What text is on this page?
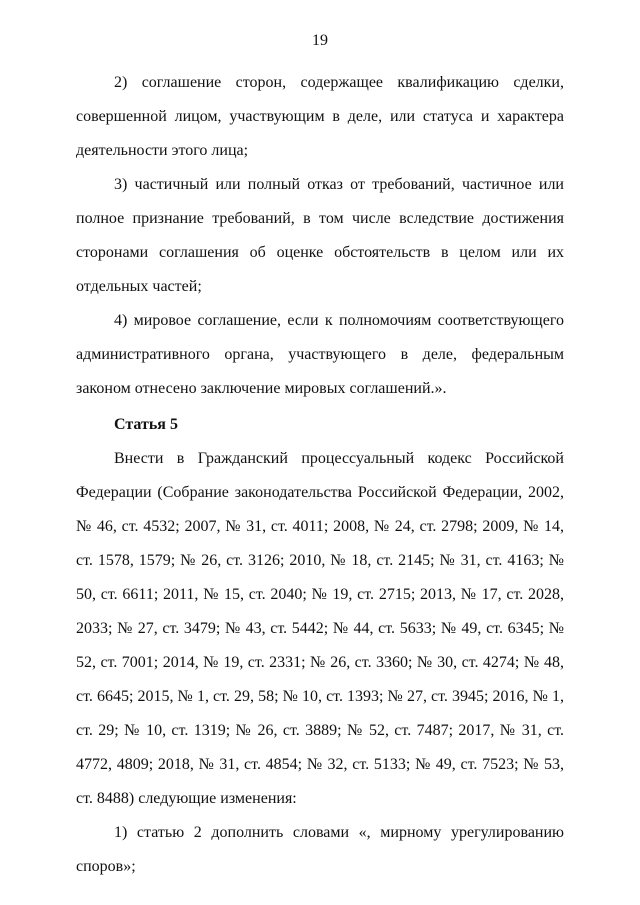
19

2) соглашение сторон, содержащее квалификацию сделки, совершенной лицом, участвующим в деле, или статуса и характера деятельности этого лица;

3) частичный или полный отказ от требований, частичное или полное признание требований, в том числе вследствие достижения сторонами соглашения об оценке обстоятельств в целом или их отдельных частей;

4) мировое соглашение, если к полномочиям соответствующего административного органа, участвующего в деле, федеральным законом отнесено заключение мировых соглашений.».

Статья 5

Внести в Гражданский процессуальный кодекс Российской Федерации (Собрание законодательства Российской Федерации, 2002, № 46, ст. 4532; 2007, № 31, ст. 4011; 2008, № 24, ст. 2798; 2009, № 14, ст. 1578, 1579; № 26, ст. 3126; 2010, № 18, ст. 2145; № 31, ст. 4163; № 50, ст. 6611; 2011, № 15, ст. 2040; № 19, ст. 2715; 2013, № 17, ст. 2028, 2033; № 27, ст. 3479; № 43, ст. 5442; № 44, ст. 5633; № 49, ст. 6345; № 52, ст. 7001; 2014, № 19, ст. 2331; № 26, ст. 3360; № 30, ст. 4274; № 48, ст. 6645; 2015, № 1, ст. 29, 58; № 10, ст. 1393; № 27, ст. 3945; 2016, № 1, ст. 29; № 10, ст. 1319; № 26, ст. 3889; № 52, ст. 7487; 2017, № 31, ст. 4772, 4809; 2018, № 31, ст. 4854; № 32, ст. 5133; № 49, ст. 7523; № 53, ст. 8488) следующие изменения:

1) статью 2 дополнить словами «, мирному урегулированию споров»;
